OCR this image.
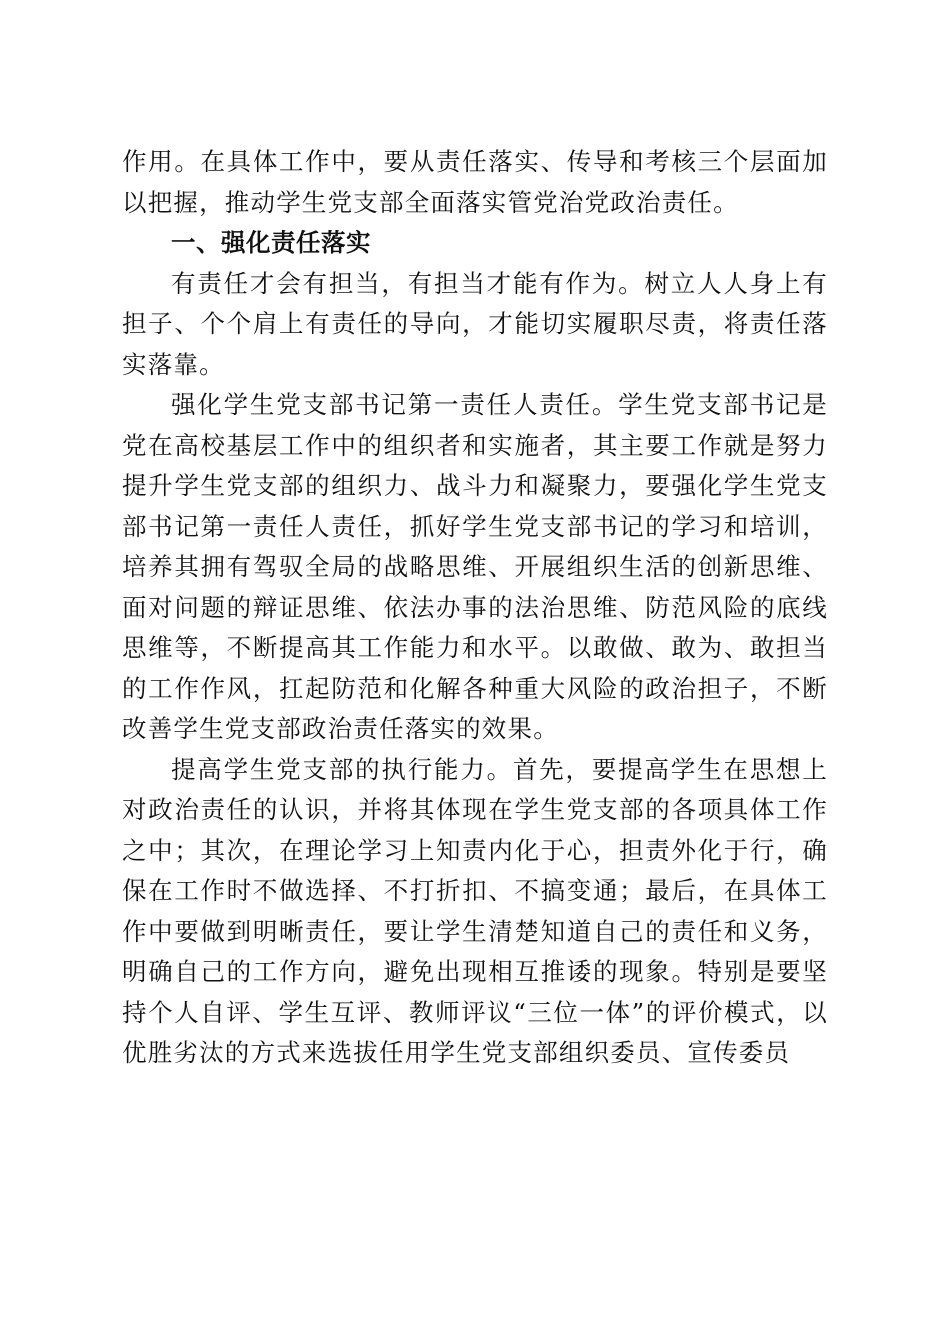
作用。在具体工作中，要从责任落实、传导和考核三个层面加以把握，推动学生党支部全面落实管党治党政治责任。

一、强化责任落实

有责任才会有担当，有担当才能有作为。树立人人身上有担子、个个肩上有责任的导向，才能切实履职尽责，将责任落实落靠。

强化学生党支部书记第一责任人责任。学生党支部书记是党在高校基层工作中的组织者和实施者，其主要工作就是努力提升学生党支部的组织力、战斗力和凝聚力，要强化学生党支部书记第一责任人责任，抓好学生党支部书记的学习和培训，培养其拥有驾驭全局的战略思维、开展组织生活的创新思维、面对问题的辩证思维、依法办事的法治思维、防范风险的底线思维等，不断提高其工作能力和水平。以敢做、敢为、敢担当的工作作风，扛起防范和化解各种重大风险的政治担子，不断改善学生党支部政治责任落实的效果。

提高学生党支部的执行能力。首先，要提高学生在思想上对政治责任的认识，并将其体现在学生党支部的各项具体工作之中；其次，在理论学习上知责内化于心，担责外化于行，确保在工作时不做选择、不打折扣、不搞变通；最后，在具体工作中要做到明晰责任，要让学生清楚知道自己的责任和义务，明确自己的工作方向，避免出现相互推诿的现象。特别是要坚持个人自评、学生互评、教师评议“三位一体”的评价模式，以优胜劣汰的方式来选拔任用学生党支部组织委员、宣传委员
